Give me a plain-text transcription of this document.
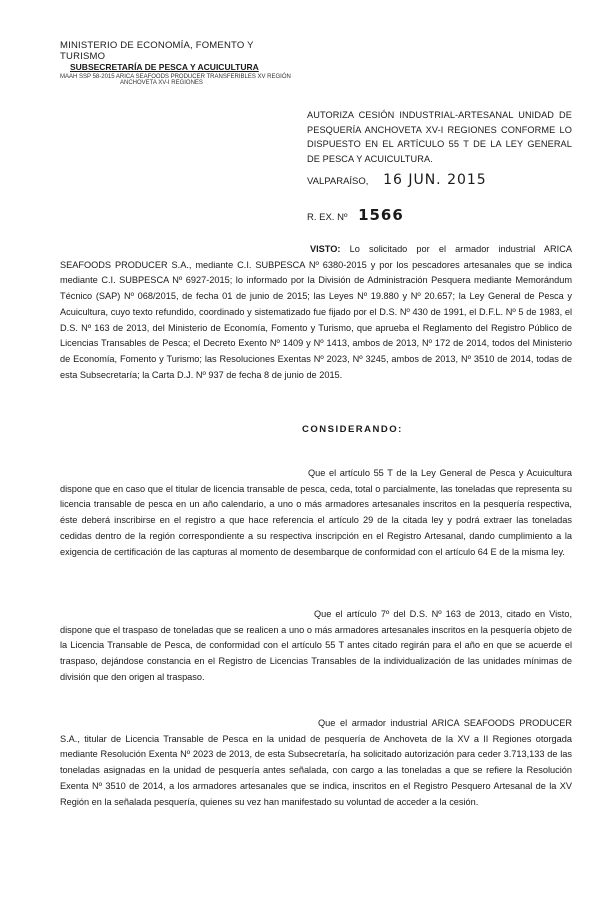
MINISTERIO DE ECONOMÍA, FOMENTO Y TURISMO
SUBSECRETARÍA DE PESCA Y ACUICULTURA
MAAH SSP 58-2015 ARICA SEAFOODS PRODUCER TRANSFERIBLES XV REGIÓN
ANCHOVETA XV-I REGIONES
AUTORIZA CESIÓN INDUSTRIAL-ARTESANAL UNIDAD DE PESQUERÍA ANCHOVETA XV-I REGIONES CONFORME LO DISPUESTO EN EL ARTÍCULO 55 T DE LA LEY GENERAL DE PESCA Y ACUICULTURA.
VALPARAÍSO, 16 JUN. 2015
R. EX. Nº 1566
VISTO: Lo solicitado por el armador industrial ARICA SEAFOODS PRODUCER S.A., mediante C.I. SUBPESCA Nº 6380-2015 y por los pescadores artesanales que se indica mediante C.I. SUBPESCA Nº 6927-2015; lo informado por la División de Administración Pesquera mediante Memorándum Técnico (SAP) Nº 068/2015, de fecha 01 de junio de 2015; las Leyes Nº 19.880 y Nº 20.657; la Ley General de Pesca y Acuicultura, cuyo texto refundido, coordinado y sistematizado fue fijado por el D.S. Nº 430 de 1991, el D.F.L. Nº 5 de 1983, el D.S. Nº 163 de 2013, del Ministerio de Economía, Fomento y Turismo, que aprueba el Reglamento del Registro Público de Licencias Transables de Pesca; el Decreto Exento Nº 1409 y Nº 1413, ambos de 2013, Nº 172 de 2014, todos del Ministerio de Economía, Fomento y Turismo; las Resoluciones Exentas Nº 2023, Nº 3245, ambos de 2013, Nº 3510 de 2014, todas de esta Subsecretaría; la Carta D.J. Nº 937 de fecha 8 de junio de 2015.
CONSIDERANDO:
Que el artículo 55 T de la Ley General de Pesca y Acuicultura dispone que en caso que el titular de licencia transable de pesca, ceda, total o parcialmente, las toneladas que representa su licencia transable de pesca en un año calendario, a uno o más armadores artesanales inscritos en la pesquería respectiva, éste deberá inscribirse en el registro a que hace referencia el artículo 29 de la citada ley y podrá extraer las toneladas cedidas dentro de la región correspondiente a su respectiva inscripción en el Registro Artesanal, dando cumplimiento a la exigencia de certificación de las capturas al momento de desembarque de conformidad con el artículo 64 E de la misma ley.
Que el artículo 7º del D.S. Nº 163 de 2013, citado en Visto, dispone que el traspaso de toneladas que se realicen a uno o más armadores artesanales inscritos en la pesquería objeto de la Licencia Transable de Pesca, de conformidad con el artículo 55 T antes citado regirán para el año en que se acuerde el traspaso, dejándose constancia en el Registro de Licencias Transables de la individualización de las unidades mínimas de división que den origen al traspaso.
Que el armador industrial ARICA SEAFOODS PRODUCER S.A., titular de Licencia Transable de Pesca en la unidad de pesquería de Anchoveta de la XV a II Regiones otorgada mediante Resolución Exenta Nº 2023 de 2013, de esta Subsecretaría, ha solicitado autorización para ceder 3.713,133 de las toneladas asignadas en la unidad de pesquería antes señalada, con cargo a las toneladas a que se refiere la Resolución Exenta Nº 3510 de 2014, a los armadores artesanales que se indica, inscritos en el Registro Pesquero Artesanal de la XV Región en la señalada pesquería, quienes su vez han manifestado su voluntad de acceder a la cesión.
